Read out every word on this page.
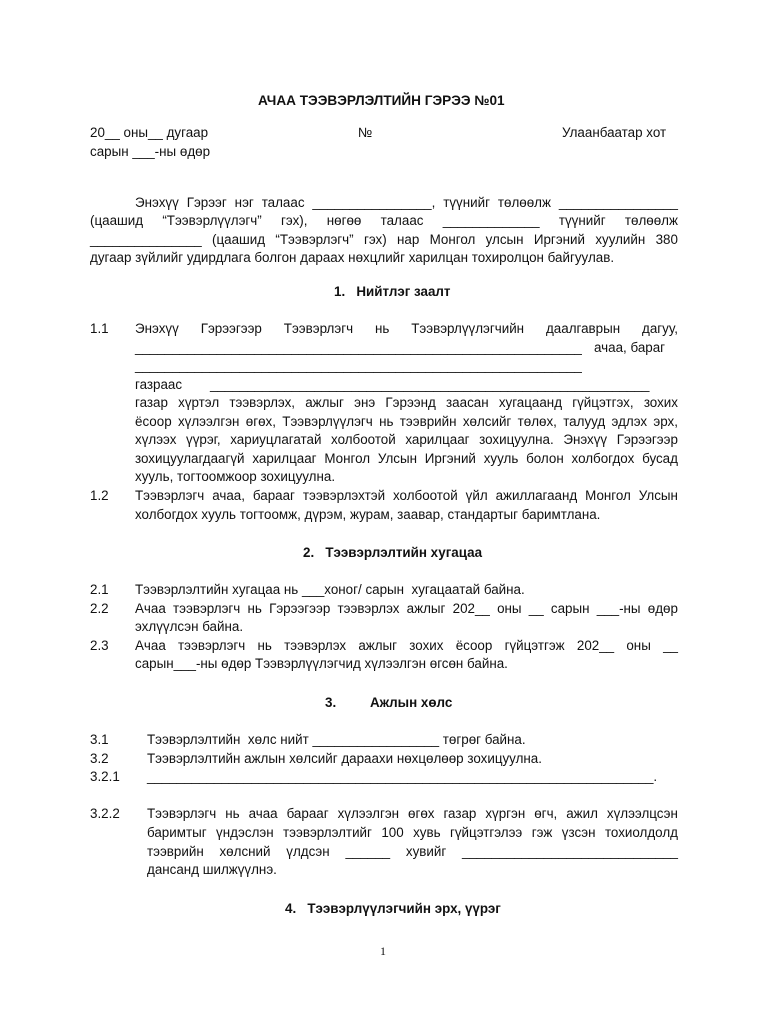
АЧАА ТЭЭВЭРЛЭЛТИЙН ГЭРЭЭ №01
20__ оны__ дугаар	№	Улаанбаатар хот
сарын ___-ны өдөр
Энэхүү Гэрээг нэг талаас ________________, түүнийг төлөөлж ________________
(цаашид “Тээвэрлүүлэгч” гэх), нөгөө талаас _____________ түүнийг төлөөлж
_______________ (цаашид “Тээвэрлэгч” гэх) нар Монгол улсын Иргэний хуулийн 380
дугаар зүйлийг удирдлага болгон дараах нөхцлийг харилцан тохиролцон байгуулав.
1.   Нийтлэг заалт
1.1 Энэхүү Гэрээгээр Тээвэрлэгч нь Тээвэрлүүлэгчийн даалгаврын дагуу,
____________________________________________________________ ачаа, бараг
____________________________________________________________
газраас ___________________________________________________________
газар хүртэл тээвэрлэх, ажлыг энэ Гэрээнд заасан хугацаанд гүйцэтгэх, зохих
ёсоор хүлээлгэн өгөх, Тээвэрлүүлэгч нь тээврийн хөлсийг төлөх, талууд эдлэх эрх,
хүлээх үүрэг, хариуцлагатай холбоотой харилцааг зохицуулна. Энэхүү Гэрээгээр
зохицуулагдаагүй харилцааг Монгол Улсын Иргэний хууль болон холбогдох бусад
хууль, тогтоомжоор зохицуулна.
1.2 Тээвэрлэгч ачаа, барааг тээвэрлэхтэй холбоотой үйл ажиллагаанд Монгол Улсын
холбогдох хууль тогтоомж, дүрэм, журам, заавар, стандартыг баримтлана.
2.   Тээвэрлэлтийн хугацаа
2.1 Тээвэрлэлтийн хугацаа нь ___хоног/ сарын  хугацаатай байна.
2.2 Ачаа тээвэрлэгч нь Гэрээгээр тээвэрлэх ажлыг 202__ оны __ сарын ___-ны өдөр
эхлүүлсэн байна.
2.3 Ачаа тээвэрлэгч нь тээвэрлэх ажлыг зохих ёсоор гүйцэтгэж 202__ оны __
сарын___-ны өдөр Тээвэрлүүлэгчид хүлээлгэн өгсөн байна.
3.	Ажлын хөлс
3.1	Тээвэрлэлтийн  хөлс нийт _________________ төгрөг байна.
3.2	Тээвэрлэлтийн ажлын хөлсийг дараахи нөхцөлөөр зохицуулна.
3.2.1 ____________________________________________________________________.
3.2.2 Тээвэрлэгч нь ачаа барааг хүлээлгэн өгөх газар хүргэн өгч, ажил хүлээлцсэн
баримтыг үндэслэн тээвэрлэлтийг 100 хувь гүйцэтгэлээ гэж үзсэн тохиолдолд
тээврийн хөлсний үлдсэн ______ хувийг _____________________________
дансанд шилжүүлнэ.
4.   Тээвэрлүүлэгчийн эрх, үүрэг
1
